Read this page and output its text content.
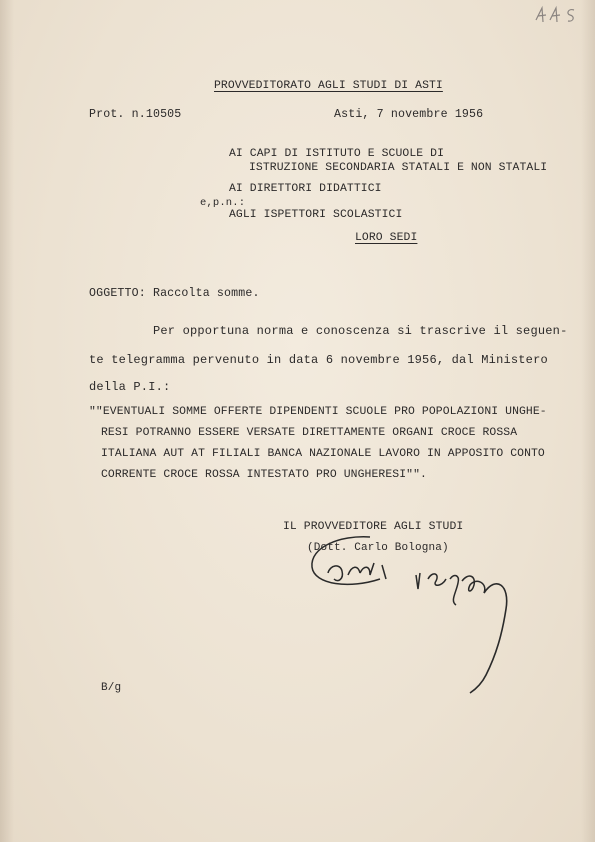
PROVVEDITORATO AGLI STUDI DI ASTI
Prot. n.10505	Asti, 7 novembre 1956
AI CAPI DI ISTITUTO E SCUOLE DI
ISTRUZIONE SECONDARIA STATALI E NON STATALI
AI DIRETTORI DIDATTICI
e,p.n.:
AGLI ISPETTORI SCOLASTICI
LORO SEDI
OGGETTO: Raccolta somme.
Per opportuna norma e conoscenza si trascrive il seguen-
te telegramma pervenuto in data 6 novembre 1956, dal Ministero
della P.I.:
""EVENTUALI SOMME OFFERTE DIPENDENTI SCUOLE PRO POPOLAZIONI UNGHE-
RESI POTRANNO ESSERE VERSATE DIRETTAMENTE ORGANI CROCE ROSSA
ITALIANA AUT AT FILIALI BANCA NAZIONALE LAVORO IN APPOSITO CONTO
CORRENTE CROCE ROSSA INTESTATO PRO UNGHERESI"".
IL PROVVEDITORE AGLI STUDI
(Dott. Carlo Bologna)
B/g
